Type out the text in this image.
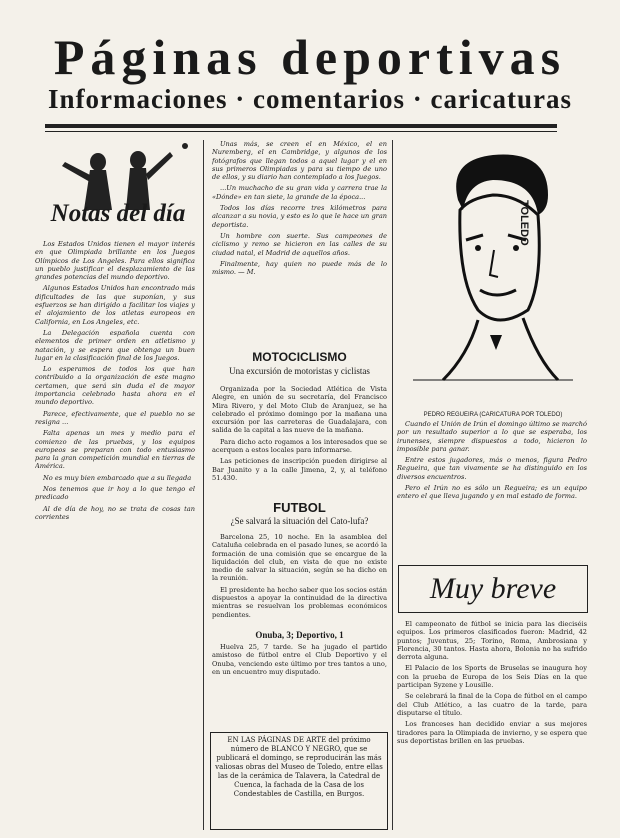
Páginas deportivas
Informaciones · comentarios · caricaturas
Notas del día

Los Estados Unidos tienen el mayor interés en que Olimpiada brillante en los Juegos Olímpicos de Los Angeles. Para ellos significa un pueblo justificar el desplazamiento de las grandes potencias del mundo deportivo.

Algunos Estados Unidos han encontrado más dificultades de las que suponían, y sus esfuerzos se han dirigido a facilitar los viajes y el alojamiento de los atletas europeos en California, en Los Angeles, etc.

La Delegación española cuenta con elementos de primer orden en atletismo y natación, y se espera que obtenga un buen lugar en la clasificación final de los Juegos.

Lo esperamos de todos los que han contribuido a la organización de este magno certamen, que será sin duda el de mayor importancia celebrado hasta ahora en el mundo deportivo.

Parece, efectivamente, que el pueblo no se resigna ...

Falta apenas un mes y medio para el comienzo de las pruebas, y los equipos europeos se preparan con todo entusiasmo para la gran competición mundial en tierras de América.

No es muy bien embarcado que a su llegada

Nos tenemos que ir hoy a lo que tengo el predicado

Al de día de hoy, no se trata de cosas tan corrientes

Unas más, se creen el en México, el en Nuremberg, el en Cambridge, y algunos de los fotógrafos que llegan todos a aquel lugar y el en sus primeros Olimpiadas y para su tiempo de uno de ellos, y su diario han contemplado a los Juegos.

...Un muchacho de su gran vida y carrera trae la «Dónde» en tan siete, la grande de la época...

Todos los días recorre tres kilómetros para alcanzar a su novia, y esto es lo que le hace un gran deportista.

Un hombre con suerte. Sus campeones de ciclismo y remo se hicieron en las calles de su ciudad natal, el Madrid de aquellos años.

Finalmente, hay quien no puede más de lo mismo. — M.

MOTOCICLISMO
Una excursión de motoristas y ciclistas

Organizada por la Sociedad Atlética de Vista Alegre, en unión de su secretaría, del Francisco Mira Rivero, y del Moto Club de Aranjuez, se ha celebrado el próximo domingo por la mañana una excursión por las carreteras de Guadalajara, con salida de la capital a las nueve de la mañana.

Para dicho acto rogamos a los interesados que se acerquen a estos locales para informarse.

Las peticiones de inscripción pueden dirigirse al Bar Juanito y a la calle Jimena, 2, y, al teléfono 51.430.

FUTBOL
¿Se salvará la situación del Cato-lufa?

Barcelona 25, 10 noche. En la asamblea del Cataluña celebrada en el pasado lunes, se acordó la formación de una comisión que se encargue de la liquidación del club, en vista de que no existe medio de salvar la situación, según se ha dicho en la reunión.

El presidente ha hecho saber que los socios están dispuestos a apoyar la continuidad de la directiva mientras se resuelvan los problemas económicos pendientes.

Onuba, 3; Deportivo, 1

Huelva 25, 7 tarde. Se ha jugado el partido amistoso de fútbol entre el Club Deportivo y el Onuba, venciendo este último por tres tantos a uno, en un encuentro muy disputado.

EN LAS PÁGINAS DE ARTE del próximo número de BLANCO Y NEGRO, que se publicará el domingo, se reproducirán las más valiosas obras del Museo de Toledo, entre ellas las de la cerámica de Talavera, la Catedral de Cuenca, la fachada de la Casa de los Condestables de Castilla, en Burgos.
TOLEDO
PEDRO REGUEIRA (CARICATURA POR TOLEDO)

Cuando el Unión de Irún el domingo último se marchó por un resultado superior a lo que se esperaba, los irunenses, siempre dispuestos a todo, hicieron lo imposible para ganar.

Entre estos jugadores, más o menos, figura Pedro Regueira, que tan vivamente se ha distinguido en los diversos encuentros.

Pero el Irún no es sólo un Regueira; es un equipo entero el que lleva jugando y en mal estado de forma.

Muy breve

El campeonato de fútbol se inicia para las dieciséis equipos. Los primeros clasificados fueron: Madrid, 42 puntos; Juventus, 25; Torino, Roma, Ambrosiana y Florencia, 30 tantos. Hasta ahora, Bolonia no ha sufrido derrota alguna.

El Palacio de los Sports de Bruselas se inaugura hoy con la prueba de Europa de los Seis Días en la que participan Syzene y Lousille.

Se celebrará la final de la Copa de fútbol en el campo del Club Atlético, a las cuatro de la tarde, para disputarse el título.

Los franceses han decidido enviar a sus mejores tiradores para la Olimpiada de invierno, y se espera que sus deportistas brillen en las pruebas.
